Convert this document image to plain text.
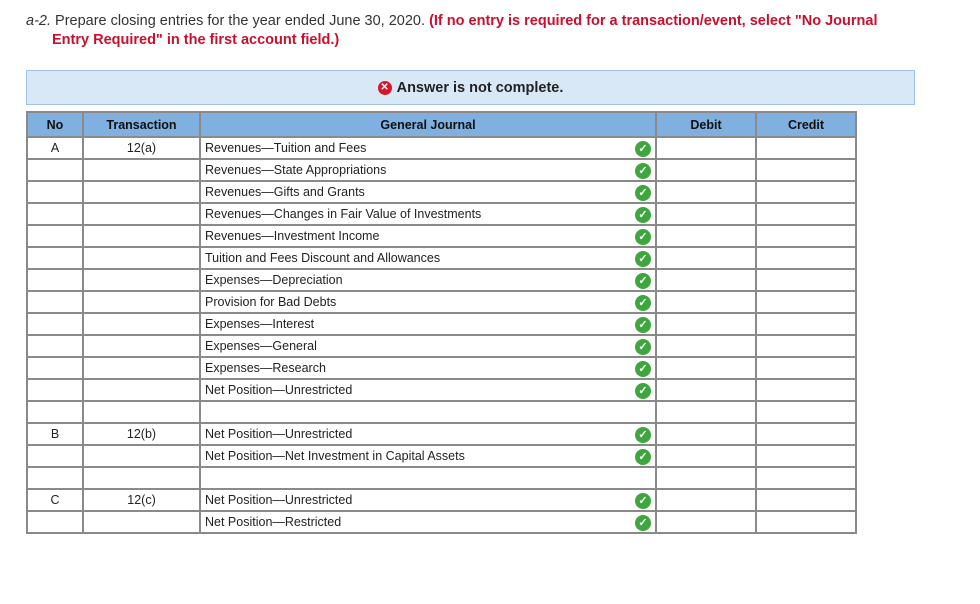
a-2. Prepare closing entries for the year ended June 30, 2020. (If no entry is required for a transaction/event, select "No Journal
Entry Required" in the first account field.)
✕ Answer is not complete.
No	Transaction	General Journal	Debit	Credit
A	12(a)	Revenues—Tuition and Fees ✓		

		Revenues—State Appropriations ✓		

		Revenues—Gifts and Grants ✓		

		Revenues—Changes in Fair Value of Investments ✓		

		Revenues—Investment Income ✓		

		Tuition and Fees Discount and Allowances ✓		

		Expenses—Depreciation ✓		

		Provision for Bad Debts ✓		

		Expenses—Interest ✓		

		Expenses—General ✓		

		Expenses—Research ✓		

		Net Position—Unrestricted ✓		

B	12(b)	Net Position—Unrestricted ✓		

		Net Position—Net Investment in Capital Assets ✓		

C	12(c)	Net Position—Unrestricted ✓		

		Net Position—Restricted ✓		
